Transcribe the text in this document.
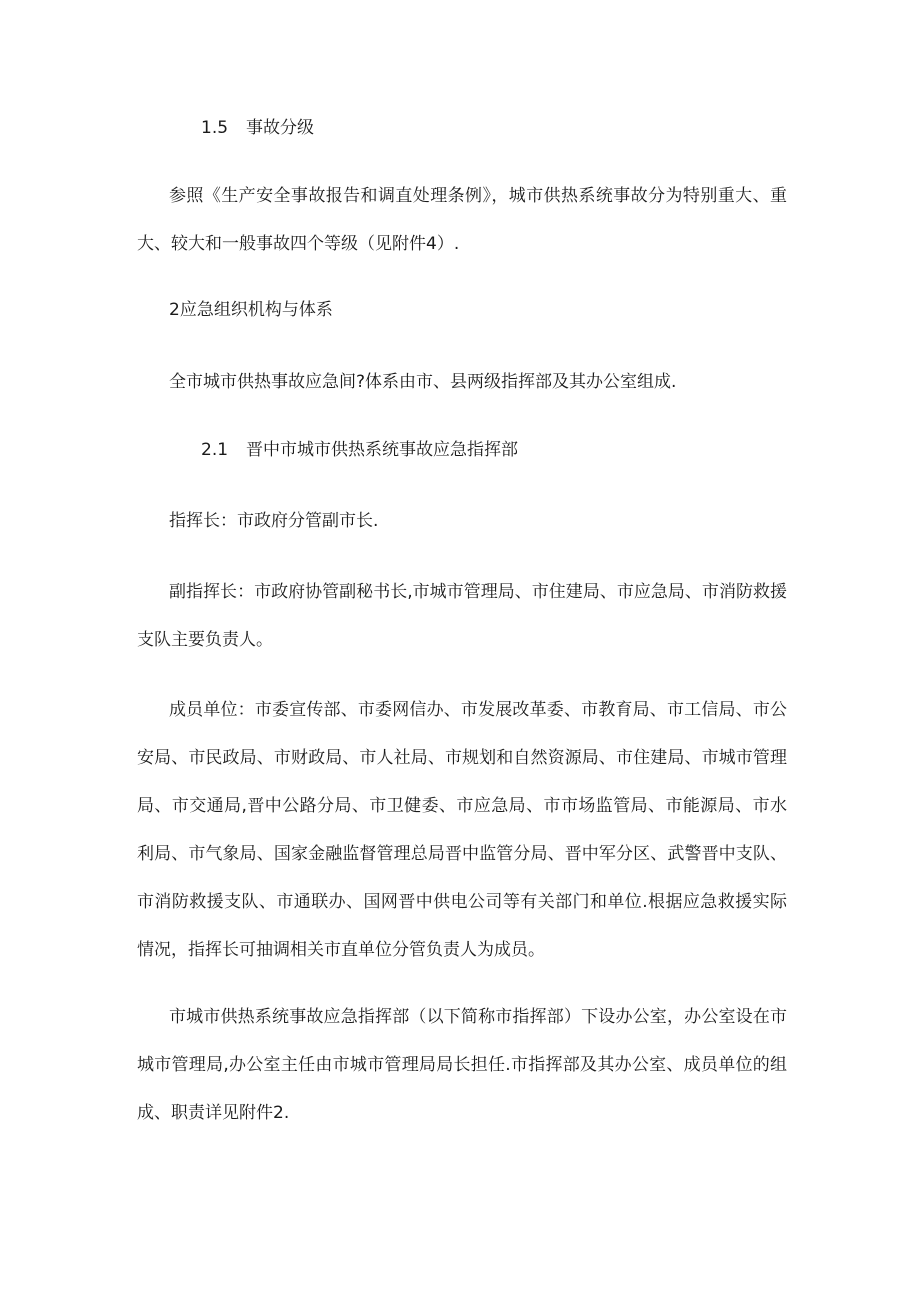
1.5 事故分级

参照《生产安全事故报告和调直处理条例》，城市供热系统事故分为特别重大、重大、较大和一般事故四个等级（见附件4）.

2应急组织机构与体系

全市城市供热事故应急间?体系由市、县两级指挥部及其办公室组成.

2.1 晋中市城市供热系统事故应急指挥部

指挥长：市政府分管副市长.

副指挥长：市政府协管副秘书长,市城市管理局、市住建局、市应急局、市消防救援支队主要负责人。

成员单位：市委宣传部、市委网信办、市发展改革委、市教育局、市工信局、市公安局、市民政局、市财政局、市人社局、市规划和自然资源局、市住建局、市城市管理局、市交通局,晋中公路分局、市卫健委、市应急局、市市场监管局、市能源局、市水利局、市气象局、国家金融监督管理总局晋中监管分局、晋中军分区、武警晋中支队、市消防救援支队、市通联办、国网晋中供电公司等有关部门和单位.根据应急救援实际情况，指挥长可抽调相关市直单位分管负责人为成员。

市城市供热系统事故应急指挥部（以下简称市指挥部）下设办公室，办公室设在市城市管理局,办公室主任由市城市管理局局长担任.市指挥部及其办公室、成员单位的组成、职责详见附件2.
